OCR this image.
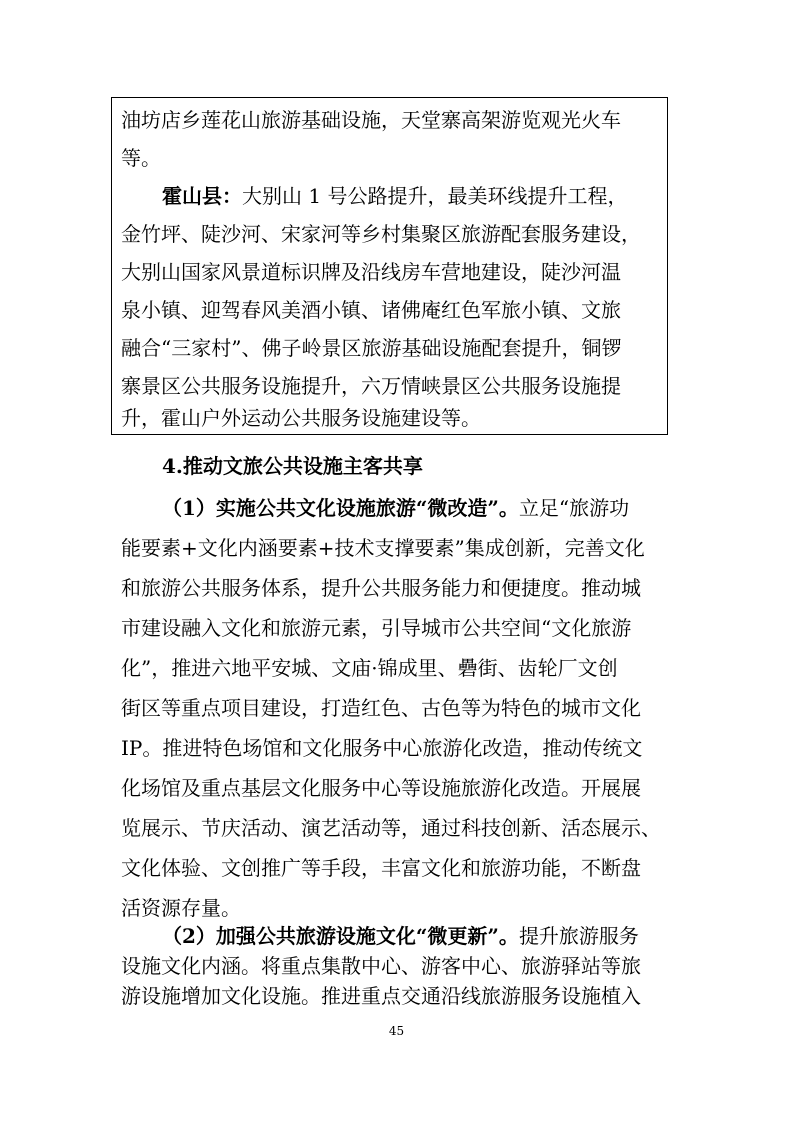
油坊店乡莲花山旅游基础设施，天堂寨高架游览观光火车
等。
霍山县：大别山 1 号公路提升，最美环线提升工程，
金竹坪、陡沙河、宋家河等乡村集聚区旅游配套服务建设，
大别山国家风景道标识牌及沿线房车营地建设，陡沙河温
泉小镇、迎驾春风美酒小镇、诸佛庵红色军旅小镇、文旅
融合“三家村”、佛子岭景区旅游基础设施配套提升，铜锣
寨景区公共服务设施提升，六万情峡景区公共服务设施提
升，霍山户外运动公共服务设施建设等。
4.推动文旅公共设施主客共享
（1）实施公共文化设施旅游“微改造”。立足“旅游功
能要素+文化内涵要素+技术支撑要素”集成创新，完善文化
和旅游公共服务体系，提升公共服务能力和便捷度。推动城
市建设融入文化和旅游元素，引导城市公共空间“文化旅游
化”，推进六地平安城、文庙·锦成里、礨街、齿轮厂文创
街区等重点项目建设，打造红色、古色等为特色的城市文化
IP。推进特色场馆和文化服务中心旅游化改造，推动传统文
化场馆及重点基层文化服务中心等设施旅游化改造。开展展
览展示、节庆活动、演艺活动等，通过科技创新、活态展示、
文化体验、文创推广等手段，丰富文化和旅游功能，不断盘
活资源存量。
（2）加强公共旅游设施文化“微更新”。提升旅游服务
设施文化内涵。将重点集散中心、游客中心、旅游驿站等旅
游设施增加文化设施。推进重点交通沿线旅游服务设施植入
45
